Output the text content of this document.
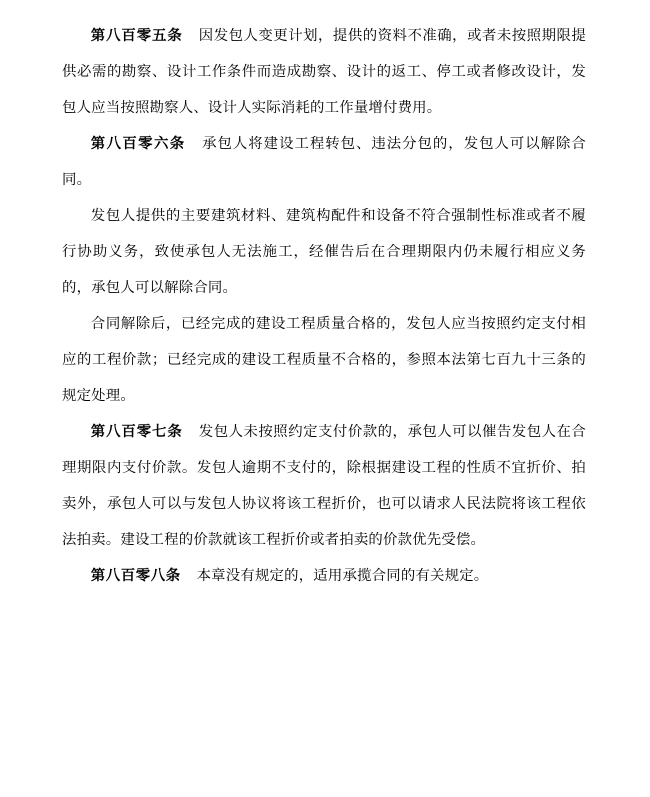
第八百零五条 因发包人变更计划，提供的资料不准确，或者未按照期限提供必需的勘察、设计工作条件而造成勘察、设计的返工、停工或者修改设计，发包人应当按照勘察人、设计人实际消耗的工作量增付费用。

第八百零六条 承包人将建设工程转包、违法分包的，发包人可以解除合同。

发包人提供的主要建筑材料、建筑构配件和设备不符合强制性标准或者不履行协助义务，致使承包人无法施工，经催告后在合理期限内仍未履行相应义务的，承包人可以解除合同。

合同解除后，已经完成的建设工程质量合格的，发包人应当按照约定支付相应的工程价款；已经完成的建设工程质量不合格的，参照本法第七百九十三条的规定处理。

第八百零七条 发包人未按照约定支付价款的，承包人可以催告发包人在合理期限内支付价款。发包人逾期不支付的，除根据建设工程的性质不宜折价、拍卖外，承包人可以与发包人协议将该工程折价，也可以请求人民法院将该工程依法拍卖。建设工程的价款就该工程折价或者拍卖的价款优先受偿。

第八百零八条 本章没有规定的，适用承揽合同的有关规定。
